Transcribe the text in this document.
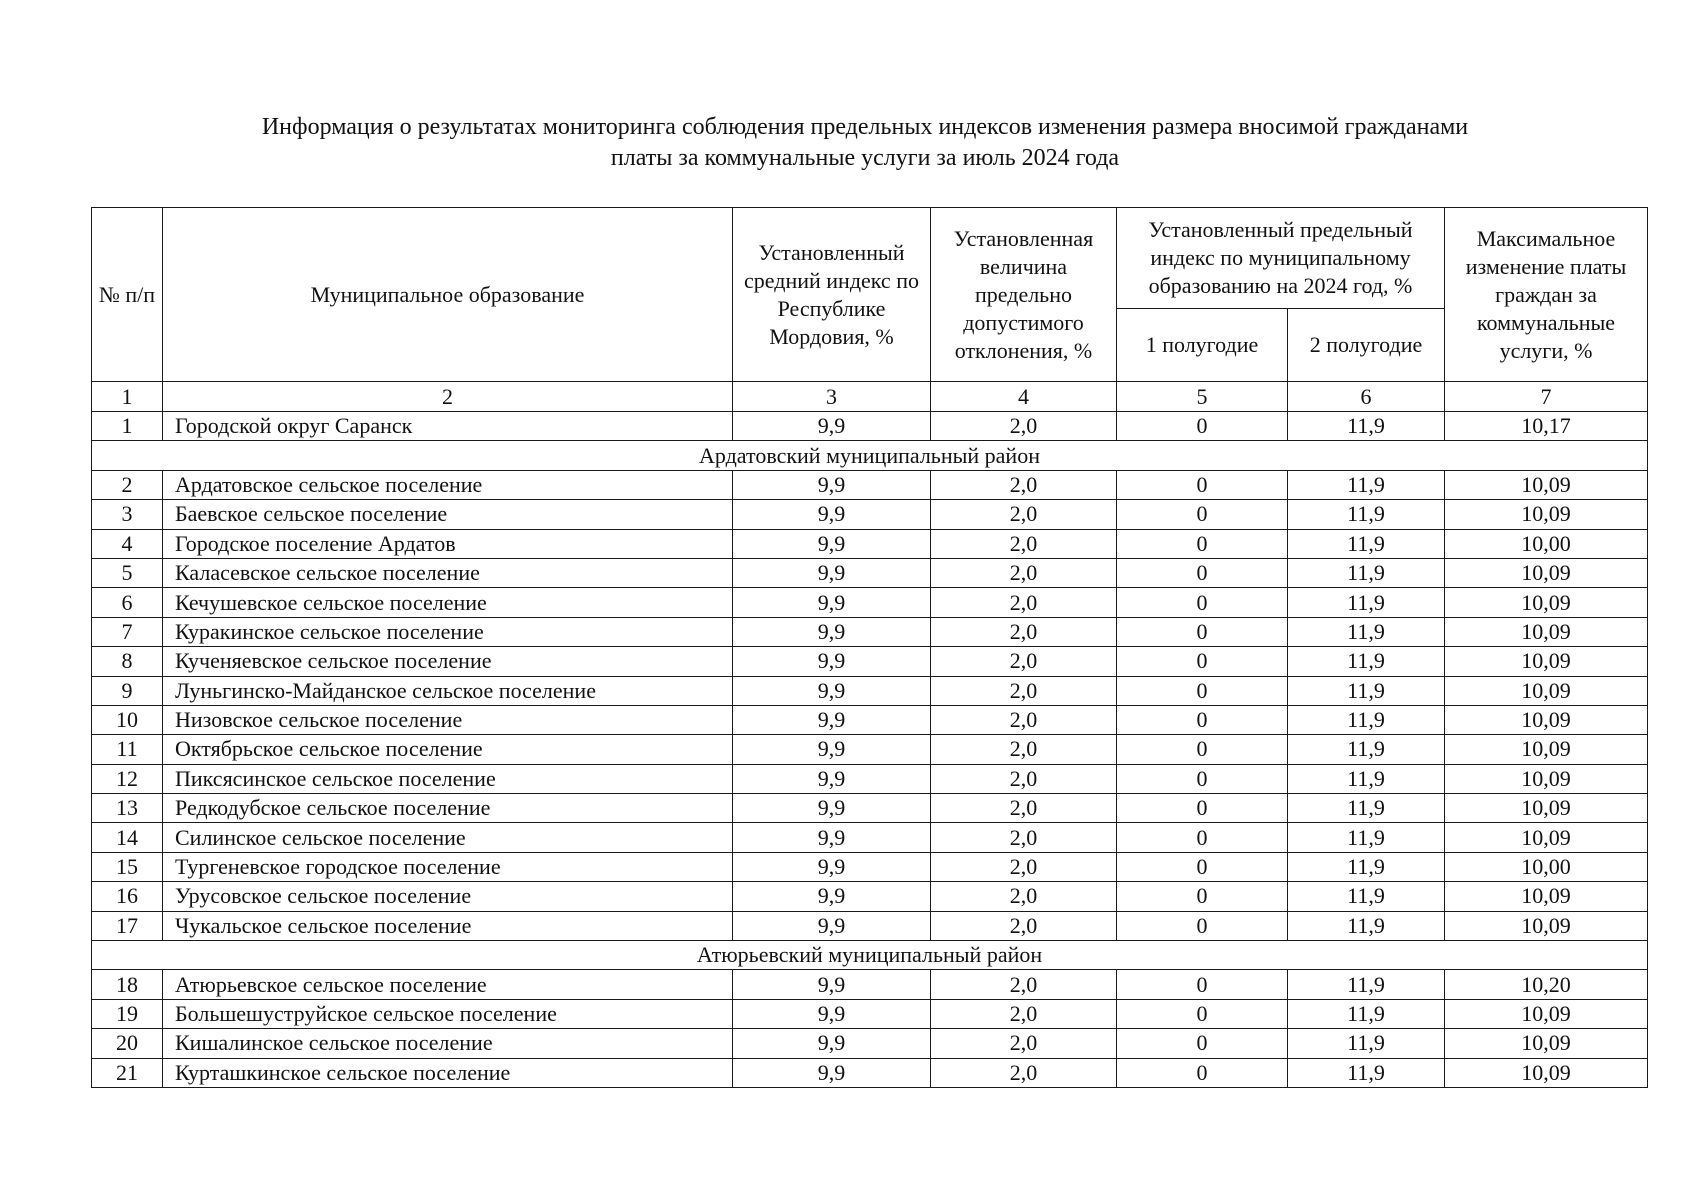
Информация о результатах мониторинга соблюдения предельных индексов изменения размера вносимой гражданами
платы за коммунальные услуги за июль 2024 года
№ п/п	Муниципальное образование	Установленный средний индекс по Республике Мордовия, %	Установленная величина предельно допустимого отклонения, %	Установленный предельный индекс по муниципальному образованию на 2024 год, %		Максимальное изменение платы граждан за коммунальные услуги, %
				1 полугодие	2 полугодие	
1	2	3	4	5	6	7
1	Городской округ Саранск	9,9	2,0	0	11,9	10,17
Ардатовский муниципальный район						
2	Ардатовское сельское поселение	9,9	2,0	0	11,9	10,09
3	Баевское сельское поселение	9,9	2,0	0	11,9	10,09
4	Городское поселение Ардатов	9,9	2,0	0	11,9	10,00
5	Каласевское сельское поселение	9,9	2,0	0	11,9	10,09
6	Кечушевское сельское поселение	9,9	2,0	0	11,9	10,09
7	Куракинское сельское поселение	9,9	2,0	0	11,9	10,09
8	Кученяевское сельское поселение	9,9	2,0	0	11,9	10,09
9	Луньгинско-Майданское сельское поселение	9,9	2,0	0	11,9	10,09
10	Низовское сельское поселение	9,9	2,0	0	11,9	10,09
11	Октябрьское сельское поселение	9,9	2,0	0	11,9	10,09
12	Пиксясинское сельское поселение	9,9	2,0	0	11,9	10,09
13	Редкодубское сельское поселение	9,9	2,0	0	11,9	10,09
14	Силинское сельское поселение	9,9	2,0	0	11,9	10,09
15	Тургеневское городское поселение	9,9	2,0	0	11,9	10,00
16	Урусовское сельское поселение	9,9	2,0	0	11,9	10,09
17	Чукальское сельское поселение	9,9	2,0	0	11,9	10,09
Атюрьевский муниципальный район						
18	Атюрьевское сельское поселение	9,9	2,0	0	11,9	10,20
19	Большешуструйское сельское поселение	9,9	2,0	0	11,9	10,09
20	Кишалинское сельское поселение	9,9	2,0	0	11,9	10,09
21	Курташкинское сельское поселение	9,9	2,0	0	11,9	10,09
